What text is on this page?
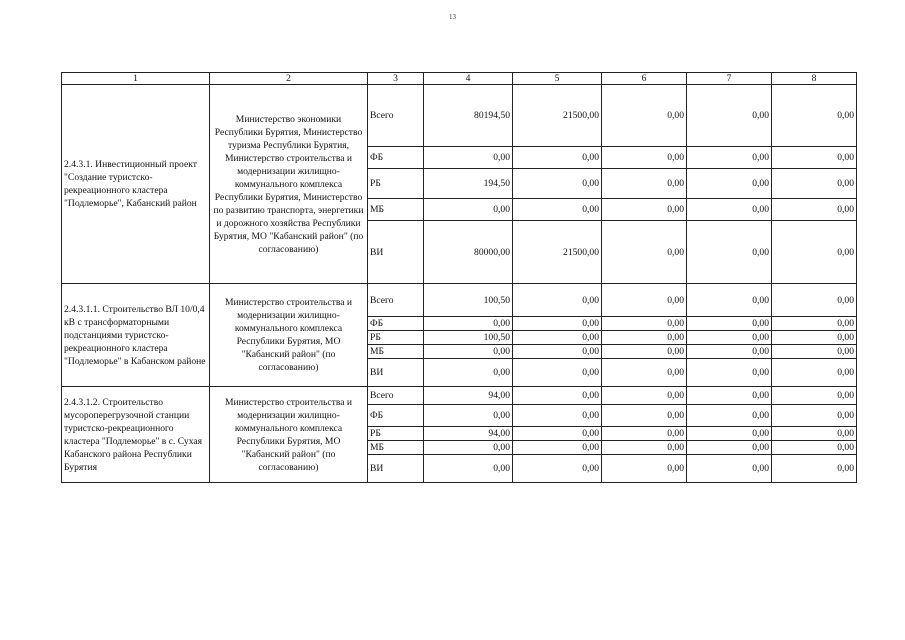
13
1	2	3	4	5	6	7	8
2.4.3.1. Инвестиционный проект "Создание туристско-рекреационного кластера "Подлеморье", Кабанский район	Министерство экономики Республики Бурятия, Министерство туризма Республики Бурятия, Министерство строительства и модернизации жилищно-коммунального комплекса Республики Бурятия, Министерство по развитию транспорта, энергетики и дорожного хозяйства Республики Бурятия, МО "Кабанский район" (по согласованию)	Всего	80194,50	21500,00	0,00	0,00	0,00
		ФБ	0,00	0,00	0,00	0,00	0,00
		РБ	194,50	0,00	0,00	0,00	0,00
		МБ	0,00	0,00	0,00	0,00	0,00
		ВИ	80000,00	21500,00	0,00	0,00	0,00
2.4.3.1.1. Строительство ВЛ 10/0,4 кВ с трансформаторными подстанциями туристско-рекреационного кластера "Подлеморье" в Кабанском районе	Министерство строительства и модернизации жилищно-коммунального комплекса Республики Бурятия, МО "Кабанский район" (по согласованию)	Всего	100,50	0,00	0,00	0,00	0,00
		ФБ	0,00	0,00	0,00	0,00	0,00
		РБ	100,50	0,00	0,00	0,00	0,00
		МБ	0,00	0,00	0,00	0,00	0,00
		ВИ	0,00	0,00	0,00	0,00	0,00
2.4.3.1.2. Строительство мусороперегрузочной станции туристско-рекреационного кластера "Подлеморье" в с. Сухая Кабанского района Республики Бурятия	Министерство строительства и модернизации жилищно-коммунального комплекса Республики Бурятия, МО "Кабанский район" (по согласованию)	Всего	94,00	0,00	0,00	0,00	0,00
		ФБ	0,00	0,00	0,00	0,00	0,00
		РБ	94,00	0,00	0,00	0,00	0,00
		МБ	0,00	0,00	0,00	0,00	0,00
		ВИ	0,00	0,00	0,00	0,00	0,00
